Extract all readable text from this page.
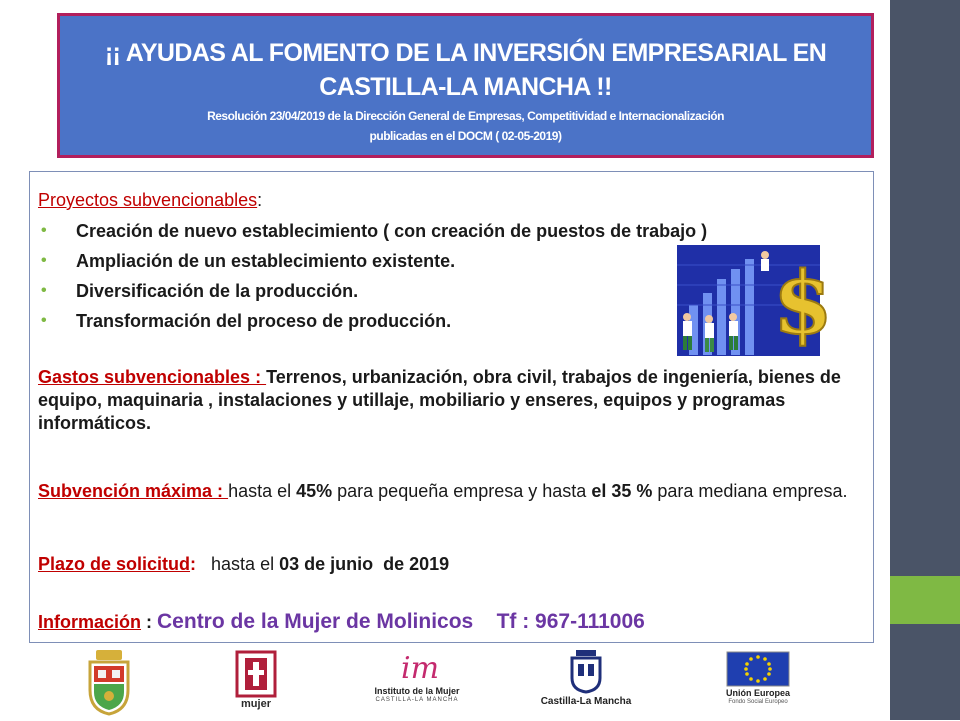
¡¡ AYUDAS AL FOMENTO DE LA INVERSIÓN EMPRESARIAL EN
CASTILLA-LA MANCHA !!
Resolución 23/04/2019 de la Dirección General de Empresas, Competitividad e Internacionalización
publicadas en el DOCM ( 02-05-2019)
Proyectos subvencionables:
• Creación de nuevo establecimiento ( con creación de puestos de trabajo )
• Ampliación de un establecimiento existente.
• Diversificación de la producción.
• Transformación del proceso de producción.	$
Gastos subvencionables : Terrenos, urbanización, obra civil, trabajos de ingeniería, bienes de equipo, maquinaria , instalaciones y utillaje, mobiliario y enseres, equipos y programas informáticos.
Subvención máxima : hasta el 45% para pequeña empresa y hasta el 35 % para mediana empresa.
Plazo de solicitud:   hasta el 03 de junio  de 2019
Información : Centro de la Mujer de Molinicos    Tf : 967-111006
mujer
im
Instituto de la Mujer
CASTILLA-LA MANCHA	Castilla-La Mancha
Unión Europea
Fondo Social Europeo
